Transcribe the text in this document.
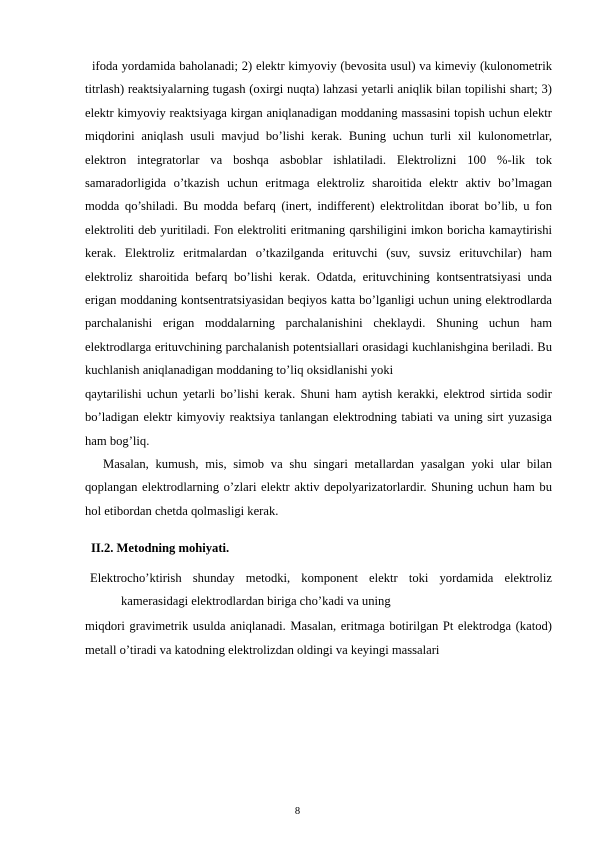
ifoda yordamida baholanadi; 2) elektr kimyoviy (bevosita usul) va kimeviy (kulonometrik titrlash) reaktsiyalarning tugash (oxirgi nuqta) lahzasi yetarli aniqlik bilan topilishi shart; 3) elektr kimyoviy reaktsiyaga kirgan aniqlanadigan moddaning massasini topish uchun elektr miqdorini aniqlash usuli mavjud bo’lishi kerak. Buning uchun turli xil kulonometrlar, elektron integratorlar va boshqa asboblar ishlatiladi. Elektrolizni 100 %-lik tok samaradorligida o’tkazish uchun eritmaga elektroliz sharoitida elektr aktiv bo’lmagan modda qo’shiladi. Bu modda befarq (inert, indifferent) elektrolitdan iborat bo’lib, u fon elektroliti deb yuritiladi. Fon elektroliti eritmaning qarshiligini imkon boricha kamaytirishi kerak. Elektroliz eritmalardan o’tkazilganda erituvchi (suv, suvsiz erituvchilar) ham elektroliz sharoitida befarq bo’lishi kerak. Odatda, erituvchining kontsentratsiyasi unda erigan moddaning kontsentratsiyasidan beqiyos katta bo’lganligi uchun uning elektrodlarda parchalanishi erigan moddalarning parchalanishini cheklaydi. Shuning uchun ham elektrodlarga erituvchining parchalanish potentsiallari orasidagi kuchlanishgina beriladi. Bu kuchlanish aniqlanadigan moddaning to’liq oksidlanishi yoki

qaytarilishi uchun yetarli bo’lishi kerak. Shuni ham aytish kerakki, elektrod sirtida sodir bo’ladigan elektr kimyoviy reaktsiya tanlangan elektrodning tabiati va uning sirt yuzasiga ham bog’liq.

Masalan, kumush, mis, simob va shu singari metallardan yasalgan yoki ular bilan qoplangan elektrodlarning o’zlari elektr aktiv depolyarizatorlardir. Shuning uchun ham bu hol etibordan chetda qolmasligi kerak.

II.2. Metodning mohiyati.

Elektrocho’ktirish shunday metodki, komponent elektr toki yordamida elektroliz kamerasidagi elektrodlardan biriga cho’kadi va uning

miqdori gravimetrik usulda aniqlanadi. Masalan, eritmaga botirilgan Pt elektrodga (katod) metall o’tiradi va katodning elektrolizdan oldingi va keyingi massalari

8
